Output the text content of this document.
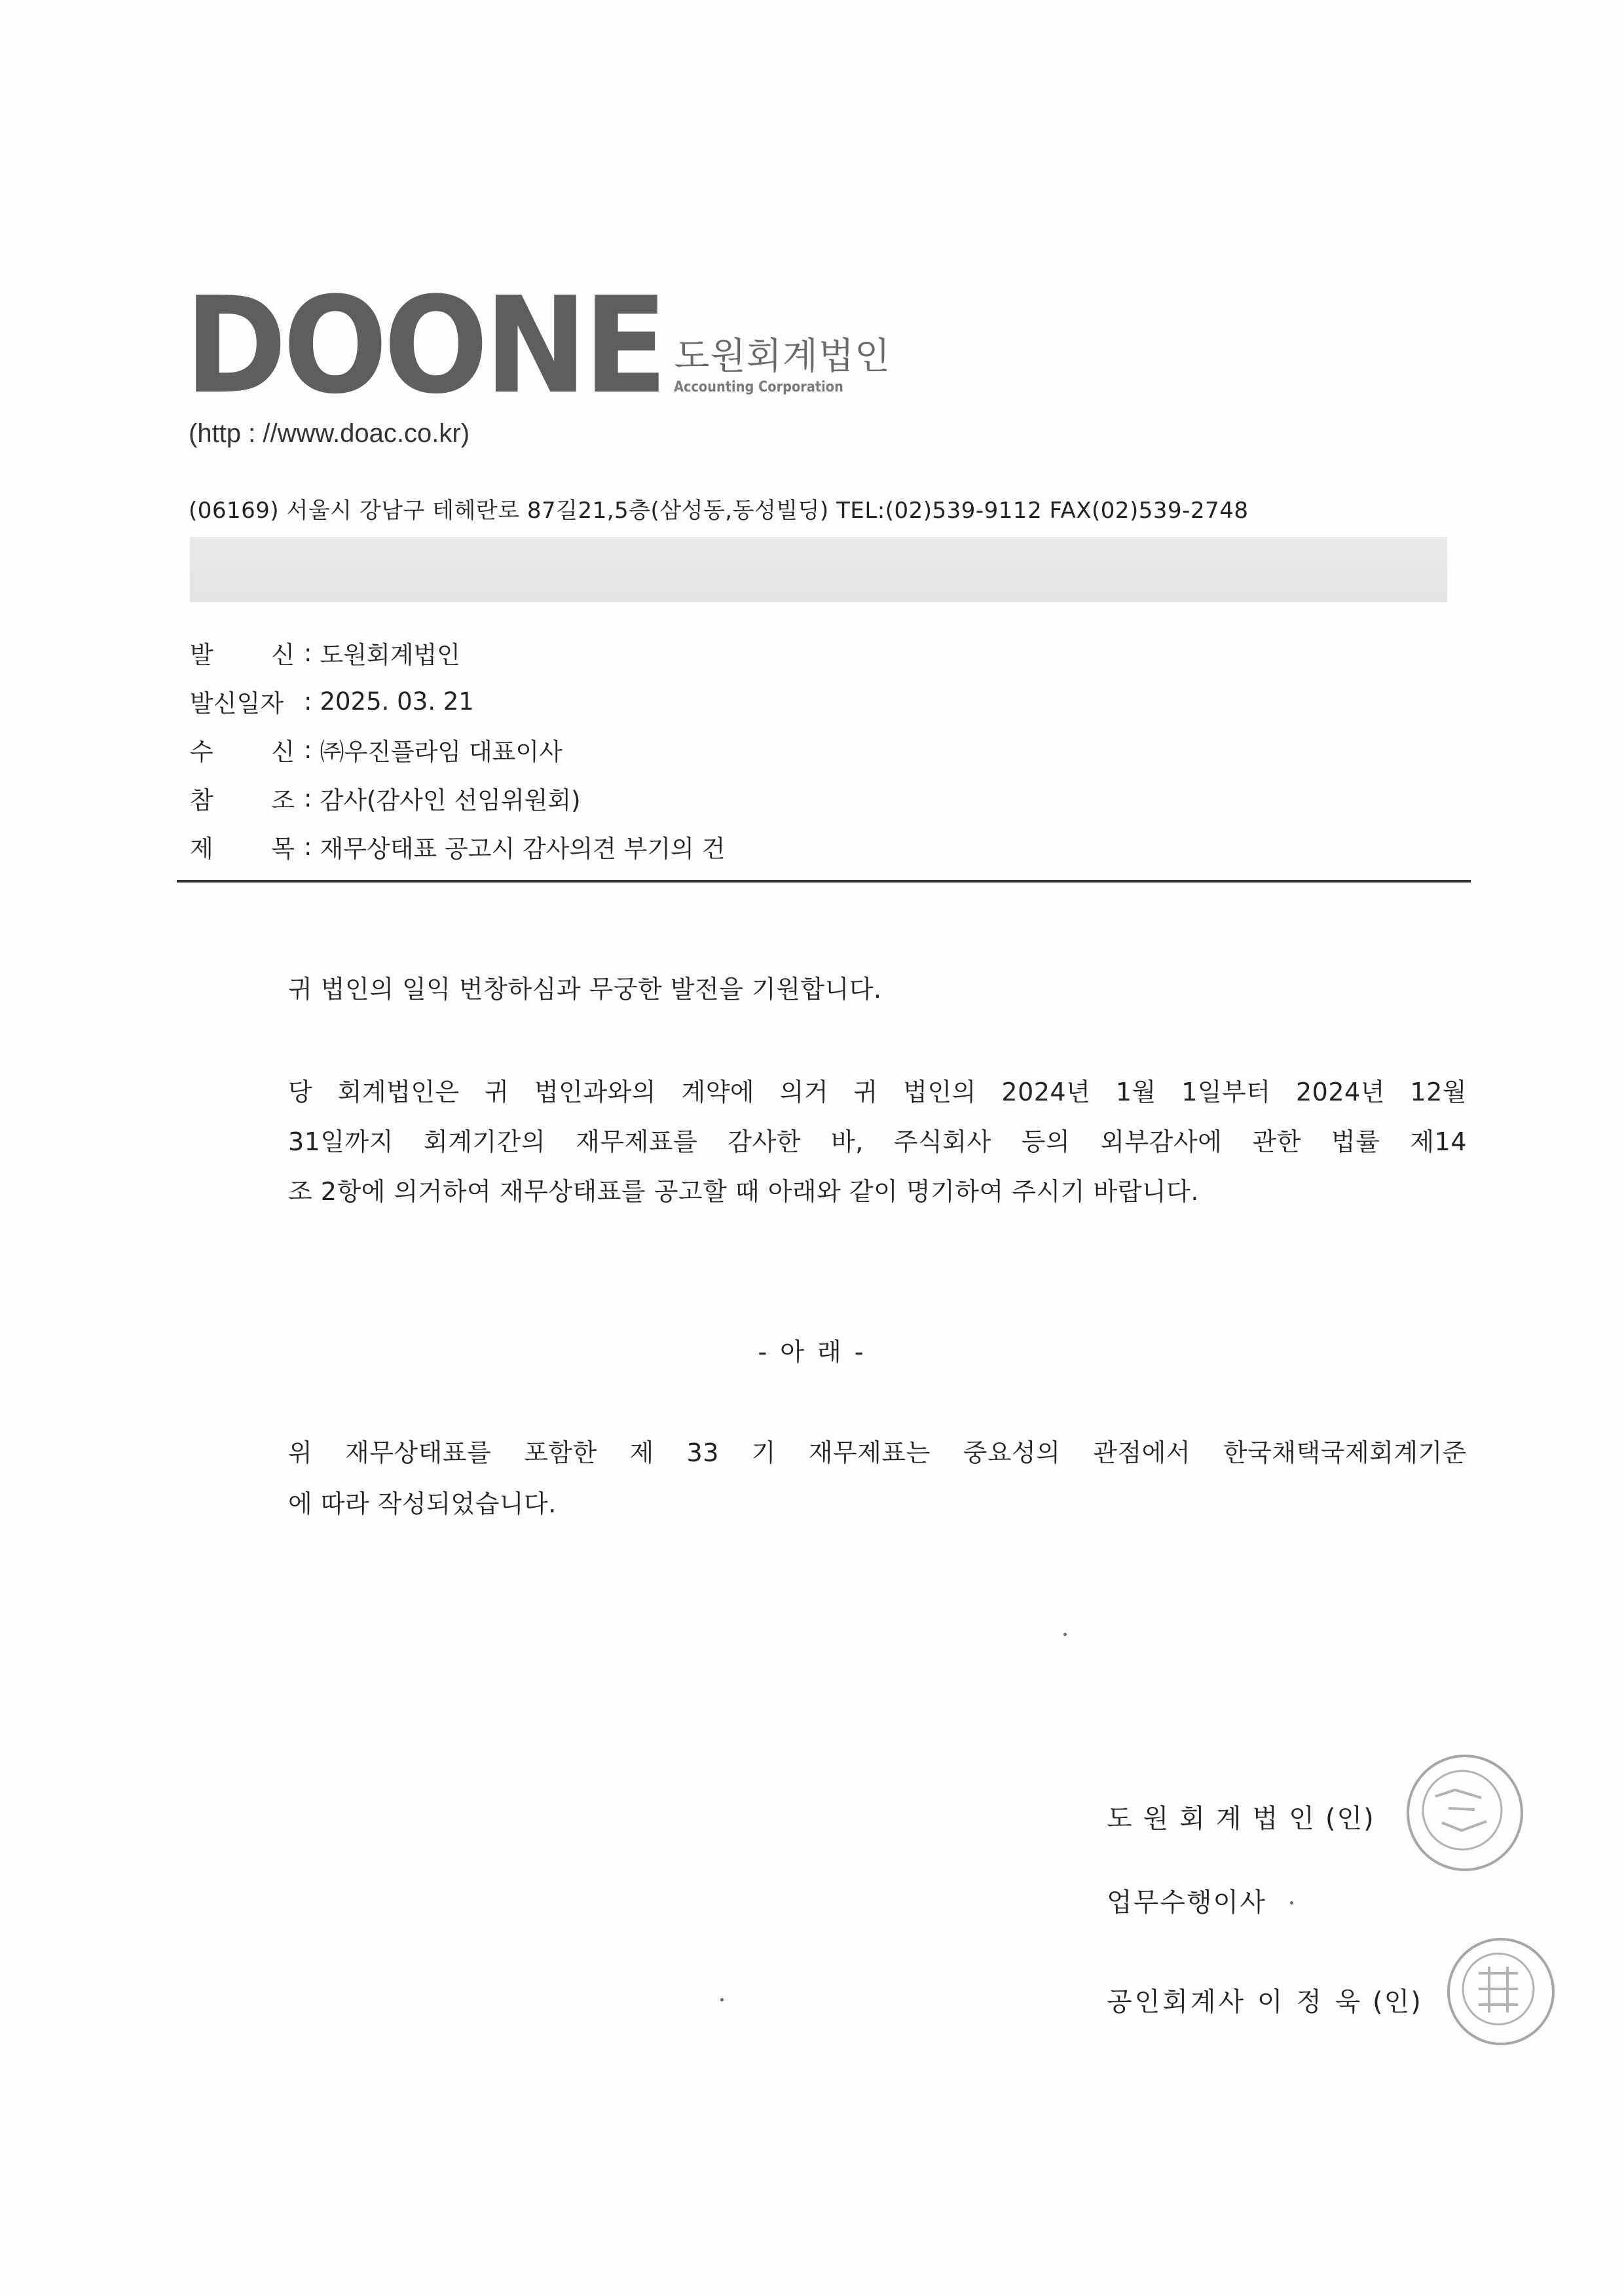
DOONE 도원회계법인
Accounting Corporation
(http : //www.doac.co.kr)
(06169) 서울시 강남구 테헤란로 87길21,5층(삼성동,동성빌딩) TEL:(02)539-9112 FAX(02)539-2748
발 신 : 도원회계법인
발신일자 : 2025. 03. 21
수 신 : ㈜우진플라임 대표이사
참 조 : 감사(감사인 선임위원회)
제 목 : 재무상태표 공고시 감사의견 부기의 건
귀 법인의 일익 번창하심과 무궁한 발전을 기원합니다.
당 회계법인은 귀 법인과와의 계약에 의거 귀 법인의 2024년 1월 1일부터 2024년 12월
31일까지 회계기간의 재무제표를 감사한 바, 주식회사 등의 외부감사에 관한 법률 제14
조 2항에 의거하여 재무상태표를 공고할 때 아래와 같이 명기하여 주시기 바랍니다.
- 아 래 -
위 재무상태표를 포함한 제 33 기 재무제표는 중요성의 관점에서 한국채택국제회계기준
에 따라 작성되었습니다.
도원회계법인(인)
업무수행이사
공인회계사 이 정 욱 (인)
